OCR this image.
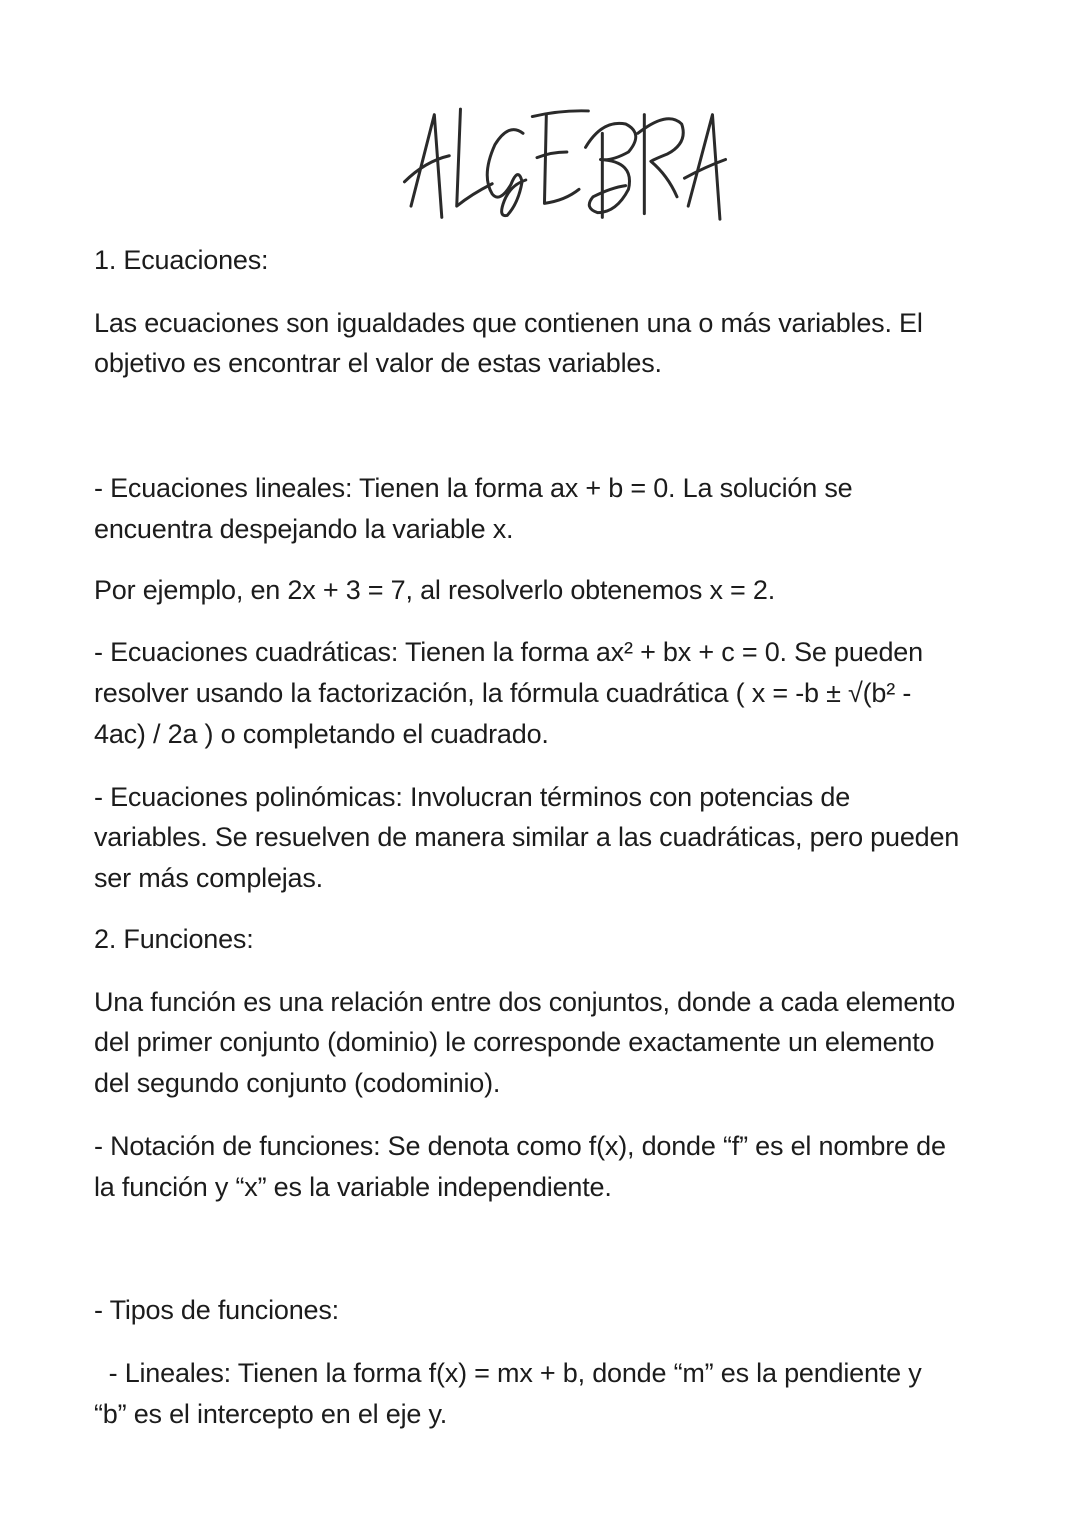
1. Ecuaciones:
Las ecuaciones son igualdades que contienen una o más variables. El
objetivo es encontrar el valor de estas variables.
- Ecuaciones lineales: Tienen la forma ax + b = 0. La solución se
encuentra despejando la variable x.
Por ejemplo, en 2x + 3 = 7, al resolverlo obtenemos x = 2.
- Ecuaciones cuadráticas: Tienen la forma ax² + bx + c = 0. Se pueden
resolver usando la factorización, la fórmula cuadrática ( x = -b ± √(b² -
4ac) / 2a ) o completando el cuadrado.
- Ecuaciones polinómicas: Involucran términos con potencias de
variables. Se resuelven de manera similar a las cuadráticas, pero pueden
ser más complejas.
2. Funciones:
Una función es una relación entre dos conjuntos, donde a cada elemento
del primer conjunto (dominio) le corresponde exactamente un elemento
del segundo conjunto (codominio).
- Notación de funciones: Se denota como f(x), donde “f” es el nombre de
la función y “x” es la variable independiente.
- Tipos de funciones:
- Lineales: Tienen la forma f(x) = mx + b, donde “m” es la pendiente y
“b” es el intercepto en el eje y.
